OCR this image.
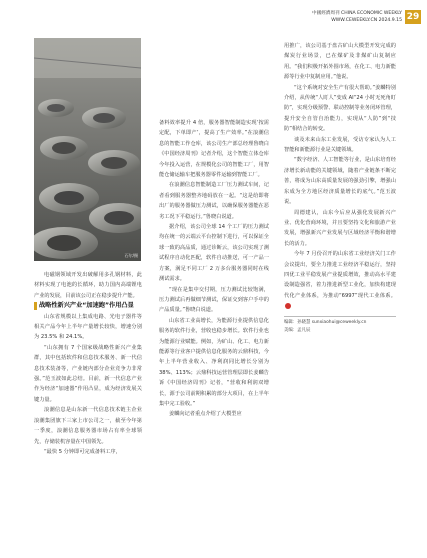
中國經濟周刊 CHINA ECONOMIC WEEKLY
WWW.CEWEEKLY.CN 2024.9.15 29
石尔/摄

电磁钢领域开发出破解用多孔钢材料，此材料实现了电池的长循环，助力国内高端锂电产业的发展，目前该公司正在稳步提升产能。

战略性新兴产业“加速跑”作用凸显

山东省规模以上集成电路、光电子器件等相关产品今年上半年产量增长较快，增速分别为 23.5% 和 24.1%。

“山东拥有 7 个国家级战略性新兴产业集群，其中包括软件和信息技术服务、新一代信息技术装备等，产业链内部分企业竞争力非常强。”范玉波如此总结。目前，新一代信息产业作为经济“加速器”作用凸显，成为经济发展关键力量。

浪潮信息是山东新一代信息技术链主企业浪潮集团旗下三家上市公司之一，截至今年第一季度，浪潮信息服务器市场占有率全球领先，存储装机容量在中国领先。

“最快 5 分钟即可完成备料工序，

备料效率提升 4 倍，服务器智能制造实现‘按需定配，下单即产’，提高了生产效率。”在浪潮信息的智能工作仓库，该公司生产部总经理鲁晓白《中国经济周刊》记者介绍，这个智能立体仓库今年投入运营，在规模化公司的智能工厂，用智能仓储运输车把服务器零件运输到智能工厂。

在浪潮信息智能制造工厂压力测试车间，记者看到服务器整齐地码放在一起。“这是给即将出厂的服务器做压力测试，以确保服务器能在恶劣工况下平稳运行。”鲁晓白说道。

据介绍，该公司全球 14 个工厂的压力测试均在统一的云端云平台控制下进行，可以保证全球一致的高品质，通过诊断云，该公司实现了测试程序自动化匹配，软件自动推送，可一产品一方案，满足不同工厂 2 万多台服务器同时在线测试需求。

“现在是集中交付期，压力测试比较饱满，压力测试后再做细节测试，保证交到客户手中的产品质量。”鲁晓白说道。

山东省工业高增长，为能源行业提供信息化服务的软件行业，营收也稳步增长。软件行业也为能源行业赋能。例如，为矿山、化工、电力新能源等行业客户提供信息化服务的云鼎科技，今年上半年营业收入、净利润同比增长分别为 38%、113%；云鼎科技运营管理层即长姜麟告诉《中国经济周刊》记者，“营收和利润双增长，源于公司前期积累的部分大项目，在上半年集中完工验收。”

姜麟向记者重点介绍了大模型应

用推广，该公司基于盘古矿山大模型开发完成的煤炭行业场景，已在煤矿及非煤矿山复制应用。“我们积极开拓外围市场，在化工、电力新能源等行业中复制应用。”他说。

“这个系统对安全生产有很大帮助。”姜麟特别介绍，从传统“人盯人”变成 AI“24 小时无死角盯防”，实现分级预警、联动控制等业务闭环管理，提升安全自管自治能力，实现从“人防”到“技防”相结合的转变。

谈及未来山东工业发展，受访专家认为人工智能和新能源行业是关键领域。

“数字经济、人工智能等行业，是山东培育经济增长新动能的关键领域，随着产业链条不断完善，将成为山东高质量发展的强劲引擎，增强山东成为全方地区经济质量增长的底气。”范玉波说。

周德建认，山东今后应从强化发展新兴产业、优化营商环境，并且要坚持文化和旅游产业发展，增强新兴产业发展与区域经济平衡和谐增长的活力。

今年 7 月份召开的山东省工业经济关门工作会议提出，要全力推进工业经济平稳运行，坚持四优工业平稳发展产业提质增效，推动高水平建设制造强省，着力推进新型工业化，加快构建现代化产业体系，为推动“6997”现代工业体系。

编辑：孙晓慧 sunxiaohui@ceweekly.cn

美编：孟凡辰
